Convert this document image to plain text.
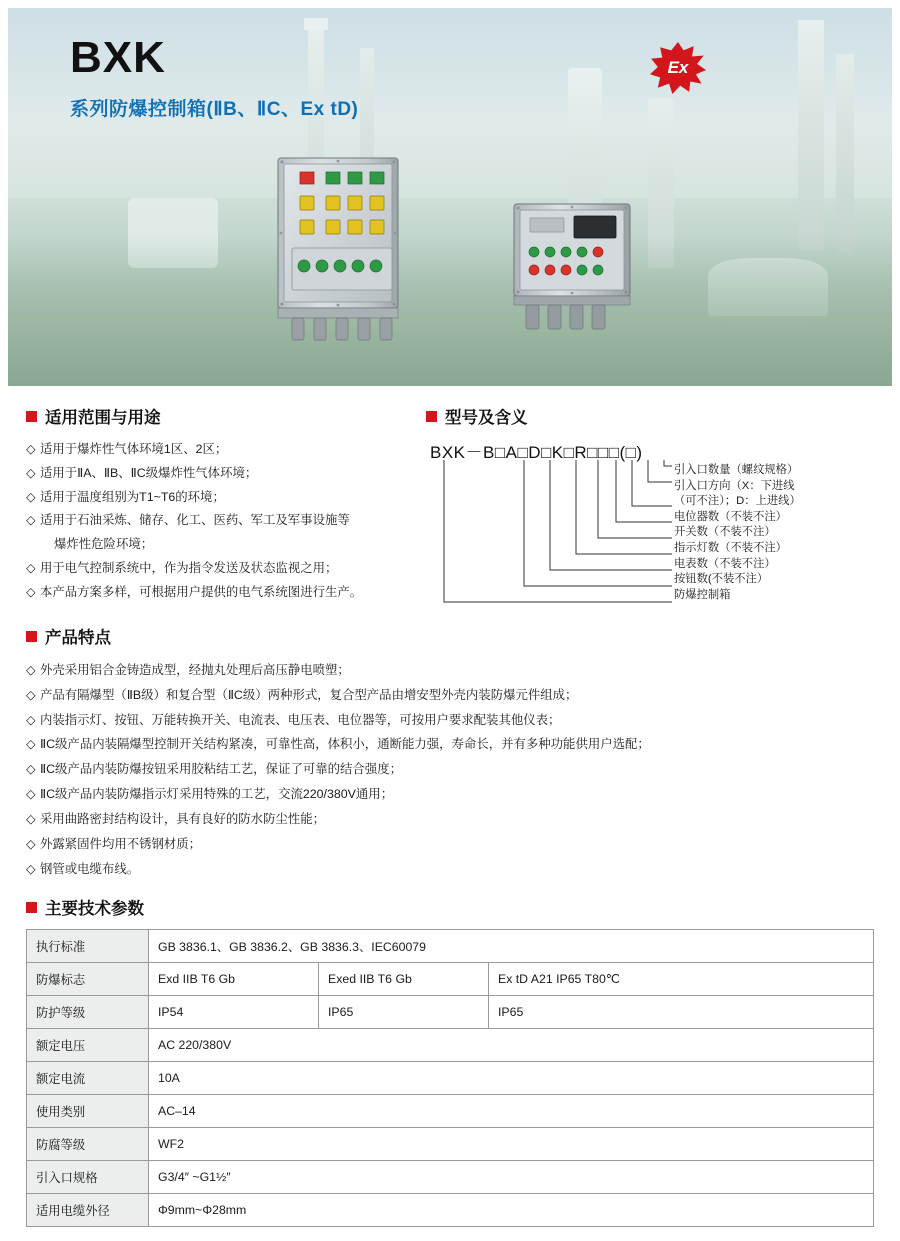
BXK
系列防爆控制箱(ⅡB、ⅡC、Ex tD)
Ex
适用范围与用途
◇ 适用于爆炸性气体环境1区、2区；
◇ 适用于ⅡA、ⅡB、ⅡC级爆炸性气体环境；
◇ 适用于温度组别为T1~T6的环境；
◇ 适用于石油采炼、储存、化工、医药、军工及军事设施等
爆炸性危险环境；
◇ 用于电气控制系统中，作为指令发送及状态监视之用；
◇ 本产品方案多样，可根据用户提供的电气系统图进行生产。
型号及含义
BXK－B□A□D□K□R□□□(□)
引入口数量（螺纹规格）
引入口方向（X：下进线
（可不注）；D：上进线）
电位器数（不装不注）
开关数（不装不注）
指示灯数（不装不注）
电表数（不装不注）
按钮数(不装不注）
防爆控制箱
产品特点
◇ 外壳采用铝合金铸造成型，经抛丸处理后高压静电喷塑；
◇ 产品有隔爆型（ⅡB级）和复合型（ⅡC级）两种形式，复合型产品由增安型外壳内装防爆元件组成；
◇ 内装指示灯、按钮、万能转换开关、电流表、电压表、电位器等，可按用户要求配装其他仪表；
◇ ⅡC级产品内装隔爆型控制开关结构紧凑，可靠性高，体积小，通断能力强，寿命长，并有多种功能供用户选配；
◇ ⅡC级产品内装防爆按钮采用胶粘结工艺，保证了可靠的结合强度；
◇ ⅡC级产品内装防爆指示灯采用特殊的工艺，交流220/380V通用；
◇ 采用曲路密封结构设计，具有良好的防水防尘性能；
◇ 外露紧固件均用不锈钢材质；
◇ 钢管或电缆布线。
主要技术参数
执行标准	GB 3836.1、GB 3836.2、GB 3836.3、IEC60079		
防爆标志	Exd IIB T6 Gb	Exed IIB T6 Gb	Ex tD A21 IP65 T80℃
防护等级	IP54	IP65	IP65
额定电压	AC 220/380V		
额定电流	10A		
使用类别	AC–14		
防腐等级	WF2		
引入口规格	G3/4″ ~G1½″		
适用电缆外径	Φ9mm~Φ28mm		
